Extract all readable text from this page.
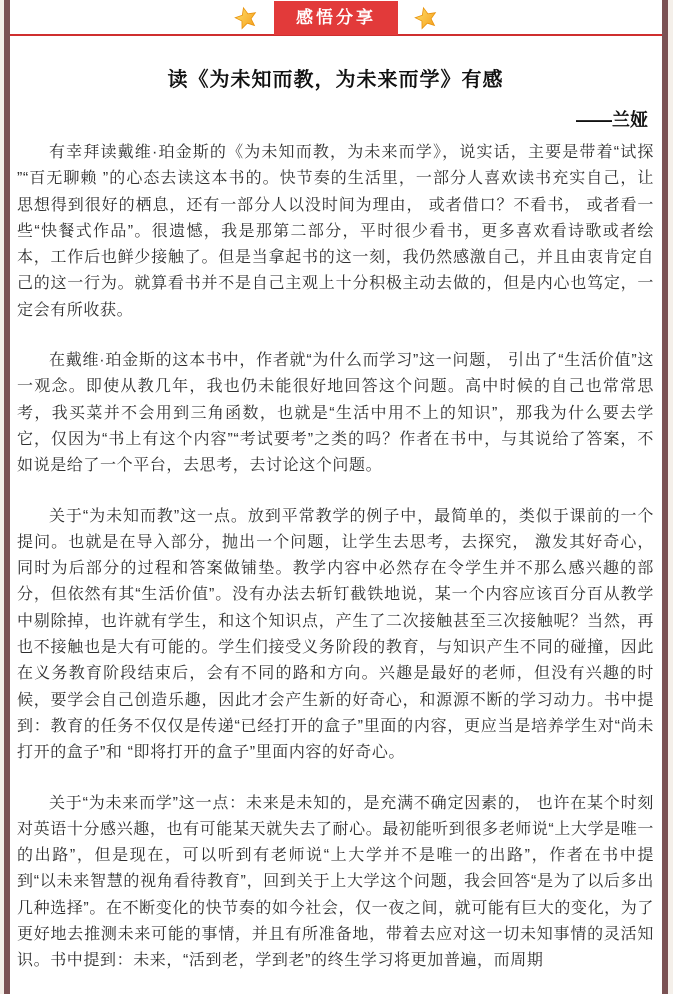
感悟分享
读《为未知而教，为未来而学》有感
——兰娅

有幸拜读戴维·珀金斯的《为未知而教，为未来而学》，说实话，主要是带着“试探 ”“百无聊赖 ”的心态去读这本书的。快节奏的生活里，一部分人喜欢读书充实自己，让思想得到很好的栖息，还有一部分人以没时间为理由， 或者借口？不看书， 或者看一些“快餐式作品”。很遗憾，我是那第二部分，平时很少看书，更多喜欢看诗歌或者绘本，工作后也鲜少接触了。但是当拿起书的这一刻，我仍然感激自己，并且由衷肯定自己的这一行为。就算看书并不是自己主观上十分积极主动去做的，但是内心也笃定，一定会有所收获。

在戴维·珀金斯的这本书中，作者就“为什么而学习”这一问题， 引出了“生活价值”这一观念。即使从教几年，我也仍未能很好地回答这个问题。高中时候的自己也常常思考，我买菜并不会用到三角函数，也就是“生活中用不上的知识”，那我为什么要去学它，仅因为“书上有这个内容”“考试要考”之类的吗？作者在书中，与其说给了答案，不如说是给了一个平台，去思考，去讨论这个问题。

关于“为未知而教”这一点。放到平常教学的例子中，最简单的，类似于课前的一个提问。也就是在导入部分，抛出一个问题，让学生去思考，去探究， 激发其好奇心， 同时为后部分的过程和答案做铺垫。教学内容中必然存在令学生并不那么感兴趣的部分，但依然有其“生活价值”。没有办法去斩钉截铁地说，某一个内容应该百分百从教学中剔除掉，也许就有学生，和这个知识点，产生了二次接触甚至三次接触呢？当然，再也不接触也是大有可能的。学生们接受义务阶段的教育，与知识产生不同的碰撞，因此在义务教育阶段结束后，会有不同的路和方向。兴趣是最好的老师，但没有兴趣的时候，要学会自己创造乐趣，因此才会产生新的好奇心，和源源不断的学习动力。书中提到：教育的任务不仅仅是传递“已经打开的盒子”里面的内容，更应当是培养学生对“尚未打开的盒子”和 “即将打开的盒子”里面内容的好奇心。

关于“为未来而学”这一点：未来是未知的，是充满不确定因素的， 也许在某个时刻对英语十分感兴趣，也有可能某天就失去了耐心。最初能听到很多老师说“上大学是唯一的出路”，但是现在，可以听到有老师说“上大学并不是唯一的出路”，作者在书中提到“以未来智慧的视角看待教育”，回到关于上大学这个问题，我会回答“是为了以后多出几种选择”。在不断变化的快节奏的如今社会，仅一夜之间，就可能有巨大的变化，为了更好地去推测未来可能的事情，并且有所准备地，带着去应对这一切未知事情的灵活知识。书中提到：未来，“活到老，学到老”的终生学习将更加普遍，而周期
